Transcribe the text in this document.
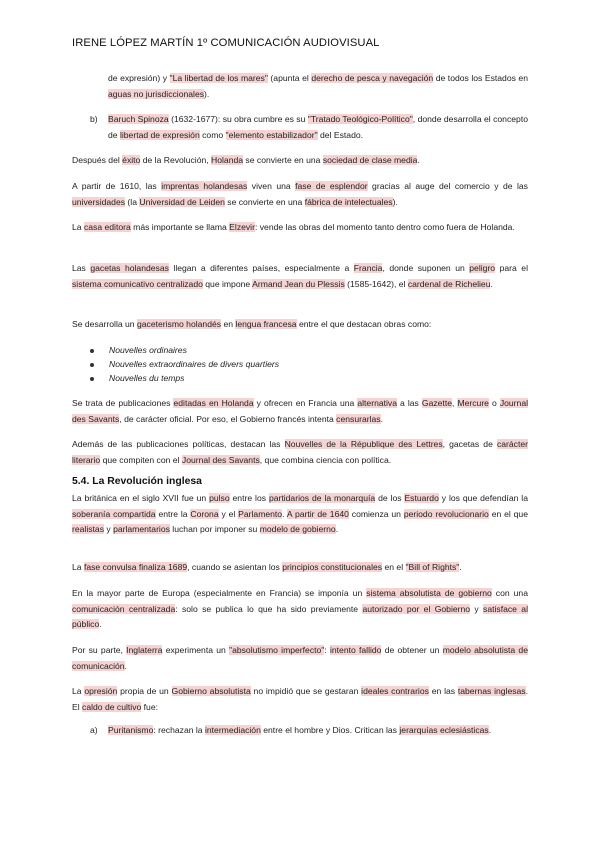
IRENE LÓPEZ MARTÍN 1º COMUNICACIÓN AUDIOVISUAL
de expresión) y "La libertad de los mares" (apunta el derecho de pesca y navegación de todos los Estados en aguas no jurisdiccionales).
b) Baruch Spinoza (1632-1677): su obra cumbre es su "Tratado Teológico-Político", donde desarrolla el concepto de libertad de expresión como "elemento estabilizador" del Estado.
Después del éxito de la Revolución, Holanda se convierte en una sociedad de clase media.
A partir de 1610, las imprentas holandesas viven una fase de esplendor gracias al auge del comercio y de las universidades (la Universidad de Leiden se convierte en una fábrica de intelectuales).
La casa editora más importante se llama Elzevir: vende las obras del momento tanto dentro como fuera de Holanda.
Las gacetas holandesas llegan a diferentes países, especialmente a Francia, donde suponen un peligro para el sistema comunicativo centralizado que impone Armand Jean du Plessis (1585-1642), el cardenal de Richelieu.
Se desarrolla un gaceterismo holandés en lengua francesa entre el que destacan obras como:
Nouvelles ordinaires
Nouvelles extraordinaires de divers quartiers
Nouvelles du temps
Se trata de publicaciones editadas en Holanda y ofrecen en Francia una alternativa a las Gazette, Mercure o Journal des Savants, de carácter oficial. Por eso, el Gobierno francés intenta censurarlas.
Además de las publicaciones políticas, destacan las Nouvelles de la République des Lettres, gacetas de carácter literario que compiten con el Journal des Savants, que combina ciencia con política.
5.4. La Revolución inglesa
La británica en el siglo XVII fue un pulso entre los partidarios de la monarquía de los Estuardo y los que defendían la soberanía compartida entre la Corona y el Parlamento. A partir de 1640 comienza un periodo revolucionario en el que realistas y parlamentarios luchan por imponer su modelo de gobierno.
La fase convulsa finaliza 1689, cuando se asientan los principios constitucionales en el "Bill of Rights".
En la mayor parte de Europa (especialmente en Francia) se imponía un sistema absolutista de gobierno con una comunicación centralizada: solo se publica lo que ha sido previamente autorizado por el Gobierno y satisface al público.
Por su parte, Inglaterra experimenta un "absolutismo imperfecto": intento fallido de obtener un modelo absolutista de comunicación.
La opresión propia de un Gobierno absolutista no impidió que se gestaran ideales contrarios en las tabernas inglesas. El caldo de cultivo fue:
a) Puritanismo: rechazan la intermediación entre el hombre y Dios. Critican las jerarquías eclesiásticas.
